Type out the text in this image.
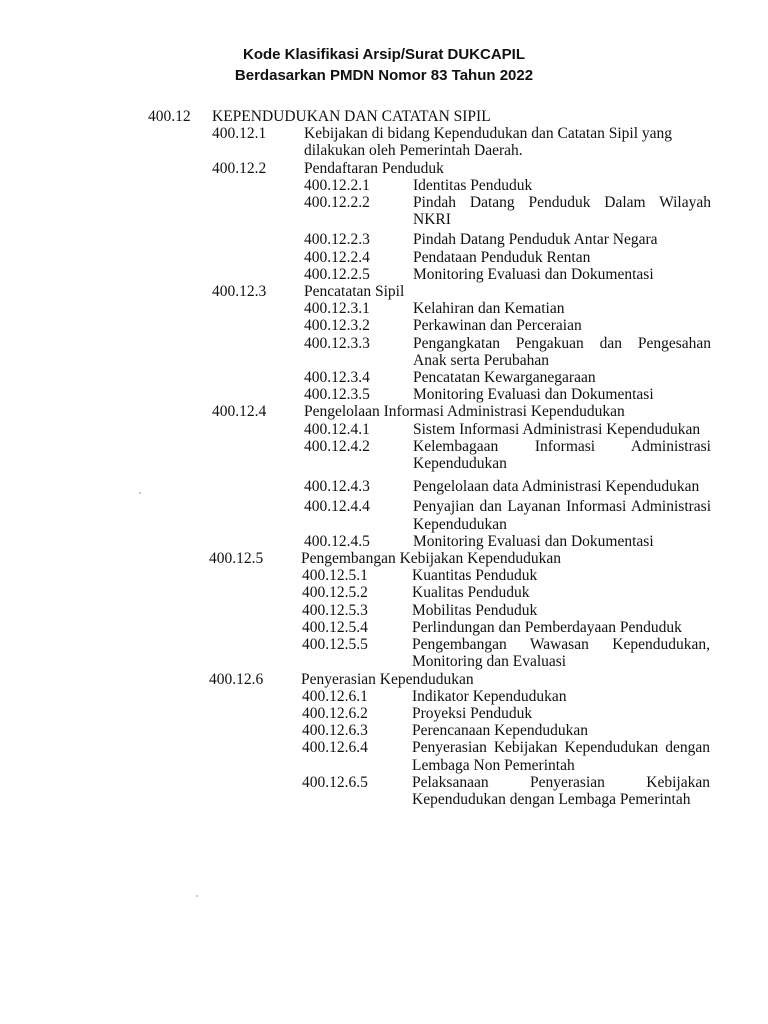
Kode Klasifikasi Arsip/Surat DUKCAPIL
Berdasarkan PMDN Nomor 83 Tahun 2022
400.12 KEPENDUDUKAN DAN CATATAN SIPIL
400.12.1 Kebijakan di bidang Kependudukan dan Catatan Sipil yang dilakukan oleh Pemerintah Daerah.
400.12.2 Pendaftaran Penduduk
400.12.2.1	Identitas Penduduk
400.12.2.2	Pindah Datang Penduduk Dalam Wilayah NKRI
400.12.2.3	Pindah Datang Penduduk Antar Negara
400.12.2.4	Pendataan Penduduk Rentan
400.12.2.5	Monitoring Evaluasi dan Dokumentasi
400.12.3 Pencatatan Sipil
400.12.3.1	Kelahiran dan Kematian
400.12.3.2	Perkawinan dan Perceraian
400.12.3.3	Pengangkatan Pengakuan dan Pengesahan Anak serta Perubahan
400.12.3.4	Pencatatan Kewarganegaraan
400.12.3.5	Monitoring Evaluasi dan Dokumentasi
400.12.4 Pengelolaan Informasi Administrasi Kependudukan
400.12.4.1	Sistem Informasi Administrasi Kependudukan
400.12.4.2	Kelembagaan Informasi Administrasi Kependudukan
400.12.4.3	Pengelolaan data Administrasi Kependudukan
400.12.4.4	Penyajian dan Layanan Informasi Administrasi Kependudukan
400.12.4.5	Monitoring Evaluasi dan Dokumentasi
400.12.5 Pengembangan Kebijakan Kependudukan
400.12.5.1	Kuantitas Penduduk
400.12.5.2	Kualitas Penduduk
400.12.5.3	Mobilitas Penduduk
400.12.5.4	Perlindungan dan Pemberdayaan Penduduk
400.12.5.5	Pengembangan Wawasan Kependudukan, Monitoring dan Evaluasi
400.12.6 Penyerasian Kependudukan
400.12.6.1	Indikator Kependudukan
400.12.6.2	Proyeksi Penduduk
400.12.6.3	Perencanaan Kependudukan
400.12.6.4	Penyerasian Kebijakan Kependudukan dengan Lembaga Non Pemerintah
400.12.6.5	Pelaksanaan Penyerasian Kebijakan Kependudukan dengan Lembaga Pemerintah
